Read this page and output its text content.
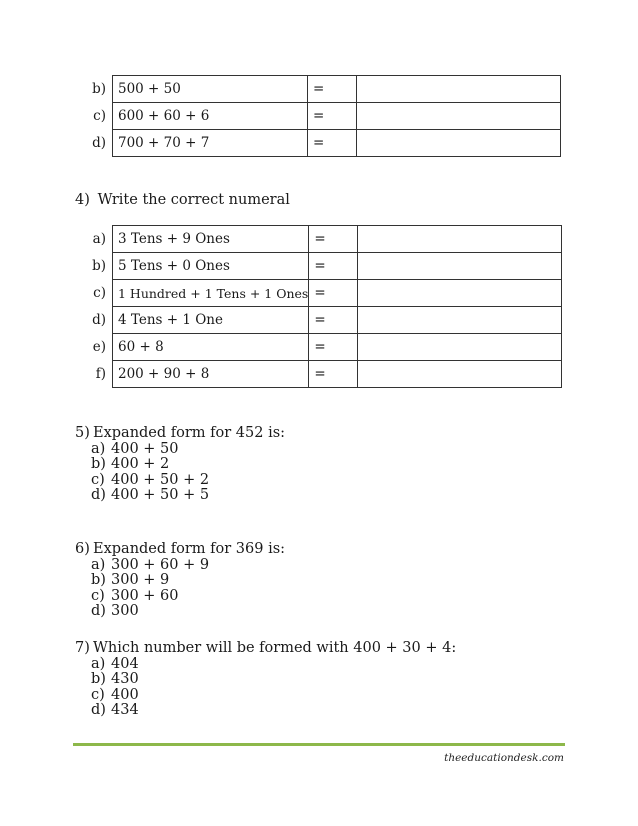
b)	500 + 50	=	
c)	600 + 60 + 6	=	
d)	700 + 70 + 7	=	
4) Write the correct numeral
a)	3 Tens + 9 Ones	=	
b)	5 Tens + 0 Ones	=	
c)	1 Hundred + 1 Tens + 1 Ones	=	
d)	4 Tens + 1 One	=	
e)	60 + 8	=	
f)	200 + 90 + 8	=	
5) Expanded form for 452 is:
a) 400 + 50
b) 400 + 2
c) 400 + 50 + 2
d) 400 + 50 + 5
6) Expanded form for 369 is:
a) 300 + 60 + 9
b) 300 + 9
c) 300 + 60
d) 300
7) Which number will be formed with 400 + 30 + 4:
a) 404
b) 430
c) 400
d) 434
theeducationdesk.com
